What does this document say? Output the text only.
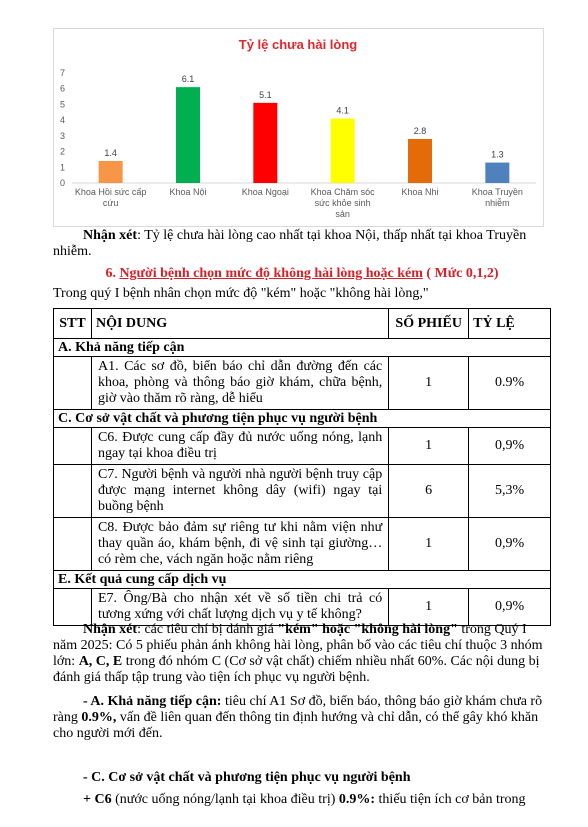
Tỷ lệ chưa hài lòng
0
1
2
3
4
5
6
7
1.4
6.1
5.1
4.1
2.8
1.3
Khoa Hồi sức cấp cứu
Khoa Nội	Khoa Ngoại Khoa Chăm sóc sức khỏe sinh sản
Khoa Nhi	Khoa Truyền nhiễm

Nhận xét: Tỷ lệ chưa hài lòng cao nhất tại khoa Nội, thấp nhất tại khoa Truyền nhiễm.

6. Người bệnh chọn mức độ không hài lòng hoặc kém ( Mức 0,1,2)

Trong quý I bệnh nhân chọn mức độ "kém" hoặc "không hài lòng,"

STT	NỘI DUNG	SỐ PHIẾU	TỶ LỆ
A. Khả năng tiếp cận			
	A1. Các sơ đồ, biển báo chỉ dẫn đường đến các khoa, phòng và thông báo giờ khám, chữa bệnh, giờ vào thăm rõ ràng, dễ hiểu	1	0.9%
C. Cơ sở vật chất và phương tiện phục vụ người bệnh			
	C6. Được cung cấp đầy đủ nước uống nóng, lạnh ngay tại khoa điều trị	1	0,9%
	C7. Người bệnh và người nhà người bệnh truy cập được mạng internet không dây (wifi) ngay tại buồng bệnh	6	5,3%
	C8. Được bảo đảm sự riêng tư khi nằm viện như thay quần áo, khám bệnh, đi vệ sinh tại giường… có rèm che, vách ngăn hoặc nằm riêng	1	0,9%
E. Kết quả cung cấp dịch vụ			
	E7. Ông/Bà cho nhận xét về số tiền chi trả có tương xứng với chất lượng dịch vụ y tế không?	1	0,9%

Nhận xét: các tiêu chí bị đánh giá "kém" hoặc "không hài lòng" trong Quý I năm 2025: Có 5 phiếu phản ánh không hài lòng, phân bố vào các tiêu chí thuộc 3 nhóm lớn: A, C, E trong đó nhóm C (Cơ sở vật chất) chiếm nhiều nhất 60%. Các nội dung bị đánh giá thấp tập trung vào tiện ích phục vụ người bệnh.

- A. Khả năng tiếp cận: tiêu chí A1 Sơ đồ, biển báo, thông báo giờ khám chưa rõ ràng 0.9%, vấn đề liên quan đến thông tin định hướng và chỉ dẫn, có thể gây khó khăn cho người mới đến.

- C. Cơ sở vật chất và phương tiện phục vụ người bệnh

+ C6 (nước uống nóng/lạnh tại khoa điều trị) 0.9%: thiếu tiện ích cơ bản trong
